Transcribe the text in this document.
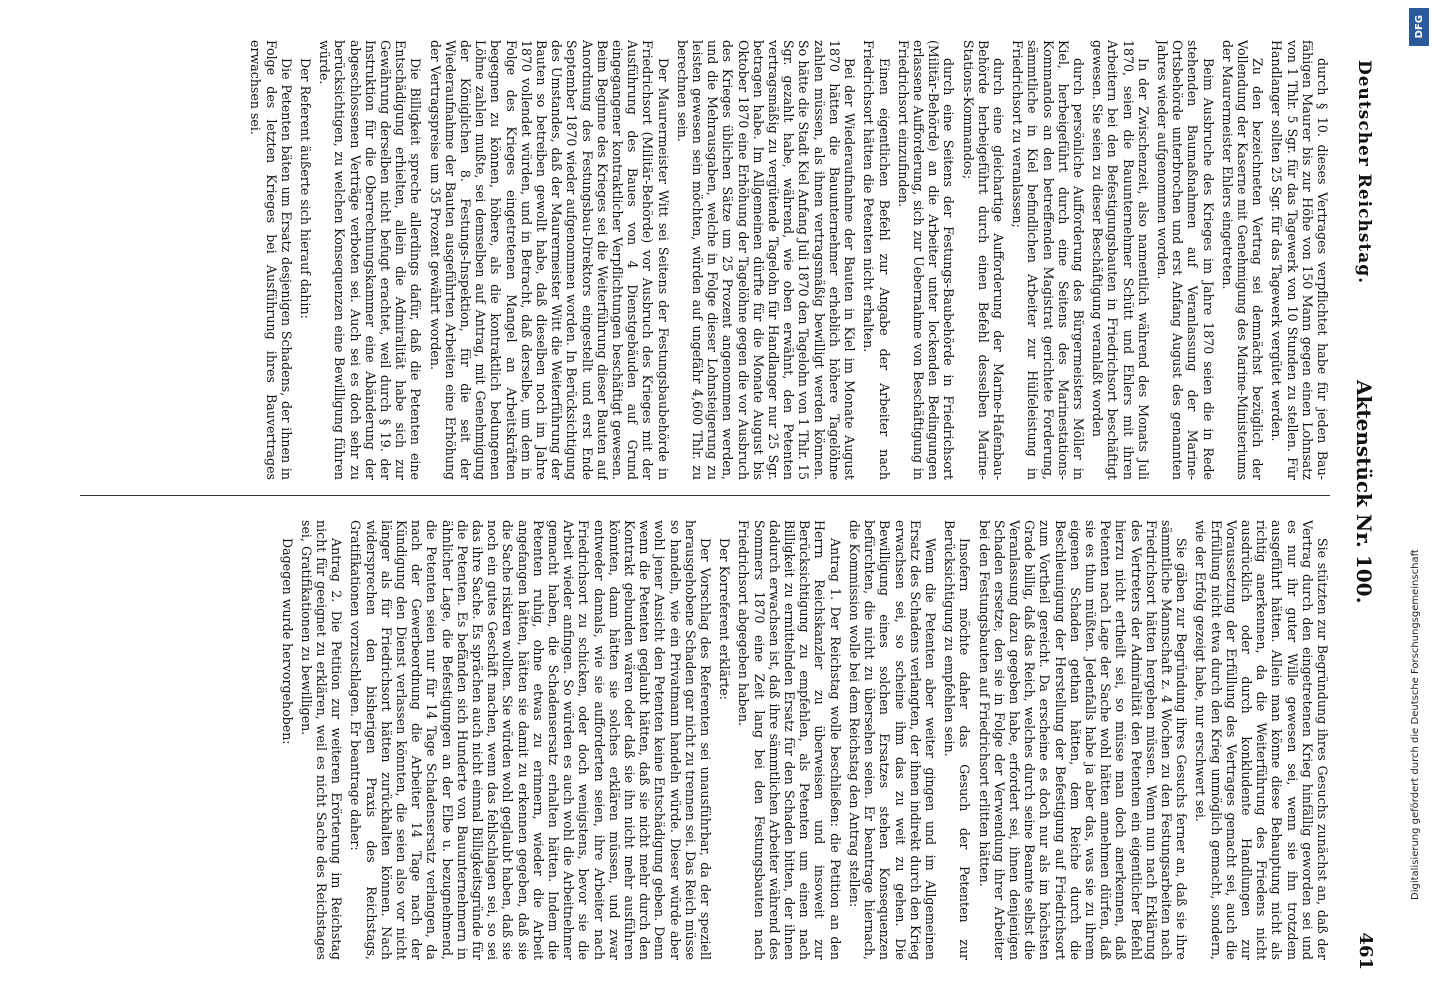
Deutscher Reichstag.
Aktenstück Nr. 100.
461

durch § 10. dieses Vertrages verpflichtet habe für jeden Bau-fähigen Maurer bis zur Höhe von 150 Mann gegen einen Lohnsatz von 1 Thlr. 5 Sgr. für das Tagewerk von 10 Stunden zu stellen. Für Handlanger sollten 25 Sgr. für das Tagewerk vergütet werden.

Zu den bezeichneten Vertrag sei demnächst bezüglich der Vollendung der Kaserne mit Genehmigung des Marine-Ministeriums der Maurermeister Ehlers eingetreten.

Beim Ausbruche des Krieges im Jahre 1870 seien die in Rede stehenden Baumaßnahmen auf Veranlassung der Marine-Ortsbehörde unterbrochen und erst Anfang August des genannten Jahres wieder aufgenommen worden.

In der Zwischenzeit, also namentlich während des Monats Juli 1870, seien die Bauunternehmer Schütt und Ehlers mit ihren Arbeitern bei den Befestigungsbauten in Friedrichsort beschäftigt gewesen. Sie seien zu dieser Beschäftigung veranlaßt worden

durch persönliche Aufforderung des Bürgermeisters Möller in Kiel, herbeigeführt durch eine Seitens des Marinestations-Kommandos an den betreffenden Magistrat gerichtete Forderung, sämmtliche in Kiel befindlichen Arbeiter zur Hülfeleistung in Friedrichsort zu veranlassen;

durch eine gleichartige Aufforderung der Marine-Hafenbau-Behörde herbeigeführt durch einen Befehl desselben Marine-Stations-Kommandos;

durch eine Seitens der Festungs-Baubehörde in Friedrichsort (Militär-Behörde) an die Arbeiter unter lockenden Bedingungen erlassene Aufforderung, sich zur Uebernahme von Beschäftigung in Friedrichsort einzufinden.

Einen eigentlichen Befehl zur Angabe der Arbeiter nach Friedrichsort hätten die Petenten nicht erhalten.

Bei der Wiederaufnahme der Bauten in Kiel im Monate August 1870 hätten die Bauunternehmer erheblich höhere Tagelöhne zahlen müssen, als ihnen vertragsmäßig bewilligt werden können. So hätte die Stadt Kiel Anfang Juli 1870 den Tagelohn von 1 Thlr. 15 Sgr. gezahlt habe, während, wie oben erwähnt, den Petenten vertragsmäßig zu vergütende Tagelohn für Handlanger nur 25 Sgr. betragen habe. Im Allgemeinen dürfte für die Monate August bis Oktober 1870 eine Erhöhung der Tagelöhne gegen die vor Ausbruch des Krieges üblichen Sätze um 25 Prozent angenommen werden, und die Mehrausgaben, welche in Folge dieser Lohnsteigerung zu leisten gewesen sein möchten, würden auf ungefähr 4,600 Thlr. zu berechnen sein.

Der Maurermeister Witt sei Seitens der Festungsbaubehörde in Friedrichsort (Militär-Behörde) vor Ausbruch des Krieges mit der Ausführung des Baues von 4 Dienstgebäuden auf Grund eingegangener kontraktlicher Verpflichtungen beschäftigt gewesen. Beim Beginne des Krieges sei die Weiterführung dieser Bauten auf Anordnung des Festungsbau-Direktors eingestellt und erst Ende September 1870 wieder aufgenommen worden. In Berücksichtigung des Umstandes, daß der Maurermeister Witt die Weiterführung der Bauten so betreiben gewollt habe, daß dieselben noch im Jahre 1870 vollendet würden, und in Betracht, daß derselbe, um dem in Folge des Krieges eingetretenen Mangel an Arbeitskräften begegnen zu können, höhere, als die kontraktlich bedungenen Löhne zahlen mußte, sei demselben auf Antrag, mit Genehmigung der Königlichen 8. Festungs-Inspektion, für die seit der Wiederaufnahme der Bauten ausgeführten Arbeiten eine Erhöhung der Vertragspreise um 35 Prozent gewährt worden.

Die Billigkeit spreche allerdings dafür, daß die Petenten eine Entschädigung erhielten, allein die Admiralität habe sich zur Gewährung derselben nicht befugt erachtet, weil durch § 19. der Instruktion für die Oberrechnungskammer eine Abänderung der abgeschlossenen Verträge verboten sei. Auch sei es doch sehr zu berücksichtigen, zu welchen Konsequenzen eine Bewilligung führen würde.

Der Referent äußerte sich hierauf dahin:

Die Petenten bäten um Ersatz desjenigen Schadens, der ihnen in Folge des letzten Krieges bei Ausführung ihres Bauvertrages erwachsen sei.

Sie stützten zur Begründung ihres Gesuchs zunächst an, daß der Vertrag durch den eingetretenen Krieg hinfällig geworden sei und es nur ihr guter Wille gewesen sei, wenn sie ihn trotzdem ausgeführt hätten. Allein man könne diese Behauptung nicht als richtig anerkennen, da die Weiterführung des Friedens nicht ausdrücklich oder durch konkludente Handlungen zur Voraussetzung der Erfüllung des Vertrages gemacht sei, auch die Erfüllung nicht etwa durch den Krieg unmöglich gemacht, sondern, wie der Erfolg gezeigt habe, nur erschwert sei.

Sie gäben zur Begründung ihres Gesuchs ferner an, daß sie ihre sämmtliche Mannschaft z. 4 Wochen zu den Festungsarbeiten nach Friedrichsort hätten hergeben müssen. Wenn nun nach Erklärung des Vertreters der Admiralität den Petenten ein eigentlicher Befehl hierzu nicht ertheilt sei, so müsse man doch anerkennen, daß Petenten nach Lage der Sache wohl hätten annehmen dürfen, daß sie es thun müßten. Jedenfalls habe ja aber das, was sie zu ihrem eigenen Schaden gethan hätten, dem Reiche durch die Beschleunigung der Herstellung der Befestigung auf Friedrichsort zum Vortheil gereicht. Da erscheine es doch nur als im höchsten Grade billig, daß das Reich, welches durch seine Beamte selbst die Veranlassung dazu gegeben habe, erfordert sei, ihnen denjenigen Schaden ersetze, den sie in Folge der Verwendung ihrer Arbeiter bei den Festungsbauten auf Friedrichsort erlitten hätten.

Insofern möchte daher das Gesuch der Petenten zur Berücksichtigung zu empfehlen sein.

Wenn die Petenten aber weiter gingen und im Allgemeinen Ersatz des Schadens verlangten, der ihnen indirekt durch den Krieg erwachsen sei, so scheine ihm das zu weit zu gehen. Die Bewilligung eines solchen Ersatzes stehen Konsequenzen befürchten, die nicht zu übersehen seien. Er beantrage hiernach, die Kommission wolle bei dem Reichstag den Antrag stellen:

Antrag 1. Der Reichstag wolle beschließen: die Petition an den Herrn Reichskanzler zu überweisen und insoweit zur Berücksichtigung zu empfehlen, als Petenten um einen nach Billigkeit zu ermittelnden Ersatz für den Schaden bitten, der ihnen dadurch erwachsen ist, daß ihre sämmtlichen Arbeiter während des Sommers 1870 eine Zeit lang bei den Festungsbauten nach Friedrichsort abgegeben haben.

Der Korreferent erklärte:

Der Vorschlag des Referenten sei unausführbar, da der speziell herausgehobene Schaden gar nicht zu trennen sei. Das Reich müsse so handeln, wie ein Privatmann handeln würde. Dieser würde aber wohl jener Ansicht den Petenten keine Entschädigung geben. Denn wenn die Petenten geglaubt hätten, daß sie nicht mehr durch den Kontrakt gebunden wären oder daß sie ihn nicht mehr ausführen könnten, dann hätten sie solches erklären müssen, und zwar entweder damals, wie sie aufforderten seien, ihre Arbeiter nach Friedrichsort zu schicken, oder doch wenigstens, bevor sie die Arbeit wieder anfingen. So würden es auch wohl die Arbeitnehmer gemacht haben, die Schadensersatz erhalten hätten. Indem die Petenten ruhig, ohne etwas zu erinnern, wieder die Arbeit angefangen hätten, hätten sie damit zu erkennen gegeben, daß sie die Sache riskiren wollten. Sie würden wohl geglaubt haben, daß sie noch ein gutes Geschäft machen, wenn das fehlschlagen sei, so sei das ihre Sache. Es sprächen auch nicht einmal Billigkeitsgründe für die Petenten. Es befänden sich Hunderte von Bauunternehmern in ähnlicher Lage, die Befestigungen an der Elbe u. bezugnehmend, die Petenten seien nur für 14 Tage Schadensersatz verlangen, da nach der Gewerbeordnung die Arbeiter 14 Tage nach der Kündigung den Dienst verlassen könnten, die seien also vor nicht länger als für Friedrichsort hätten zurückhalten können. Nach widersprechen den bisherigen Praxis des Reichstags, Gratifikationen vorzuschlagen. Er beantrage daher:

Antrag 2. Die Petition zur weiteren Erörterung im Reichstag nicht für geeignet zu erklären, weil es nicht Sache des Reichstages sei, Gratifikationen zu bewilligen.

Dagegen wurde hervorgehoben:

DFG
Digitalisierung gefördert durch die Deutsche Forschungsgemeinschaft
